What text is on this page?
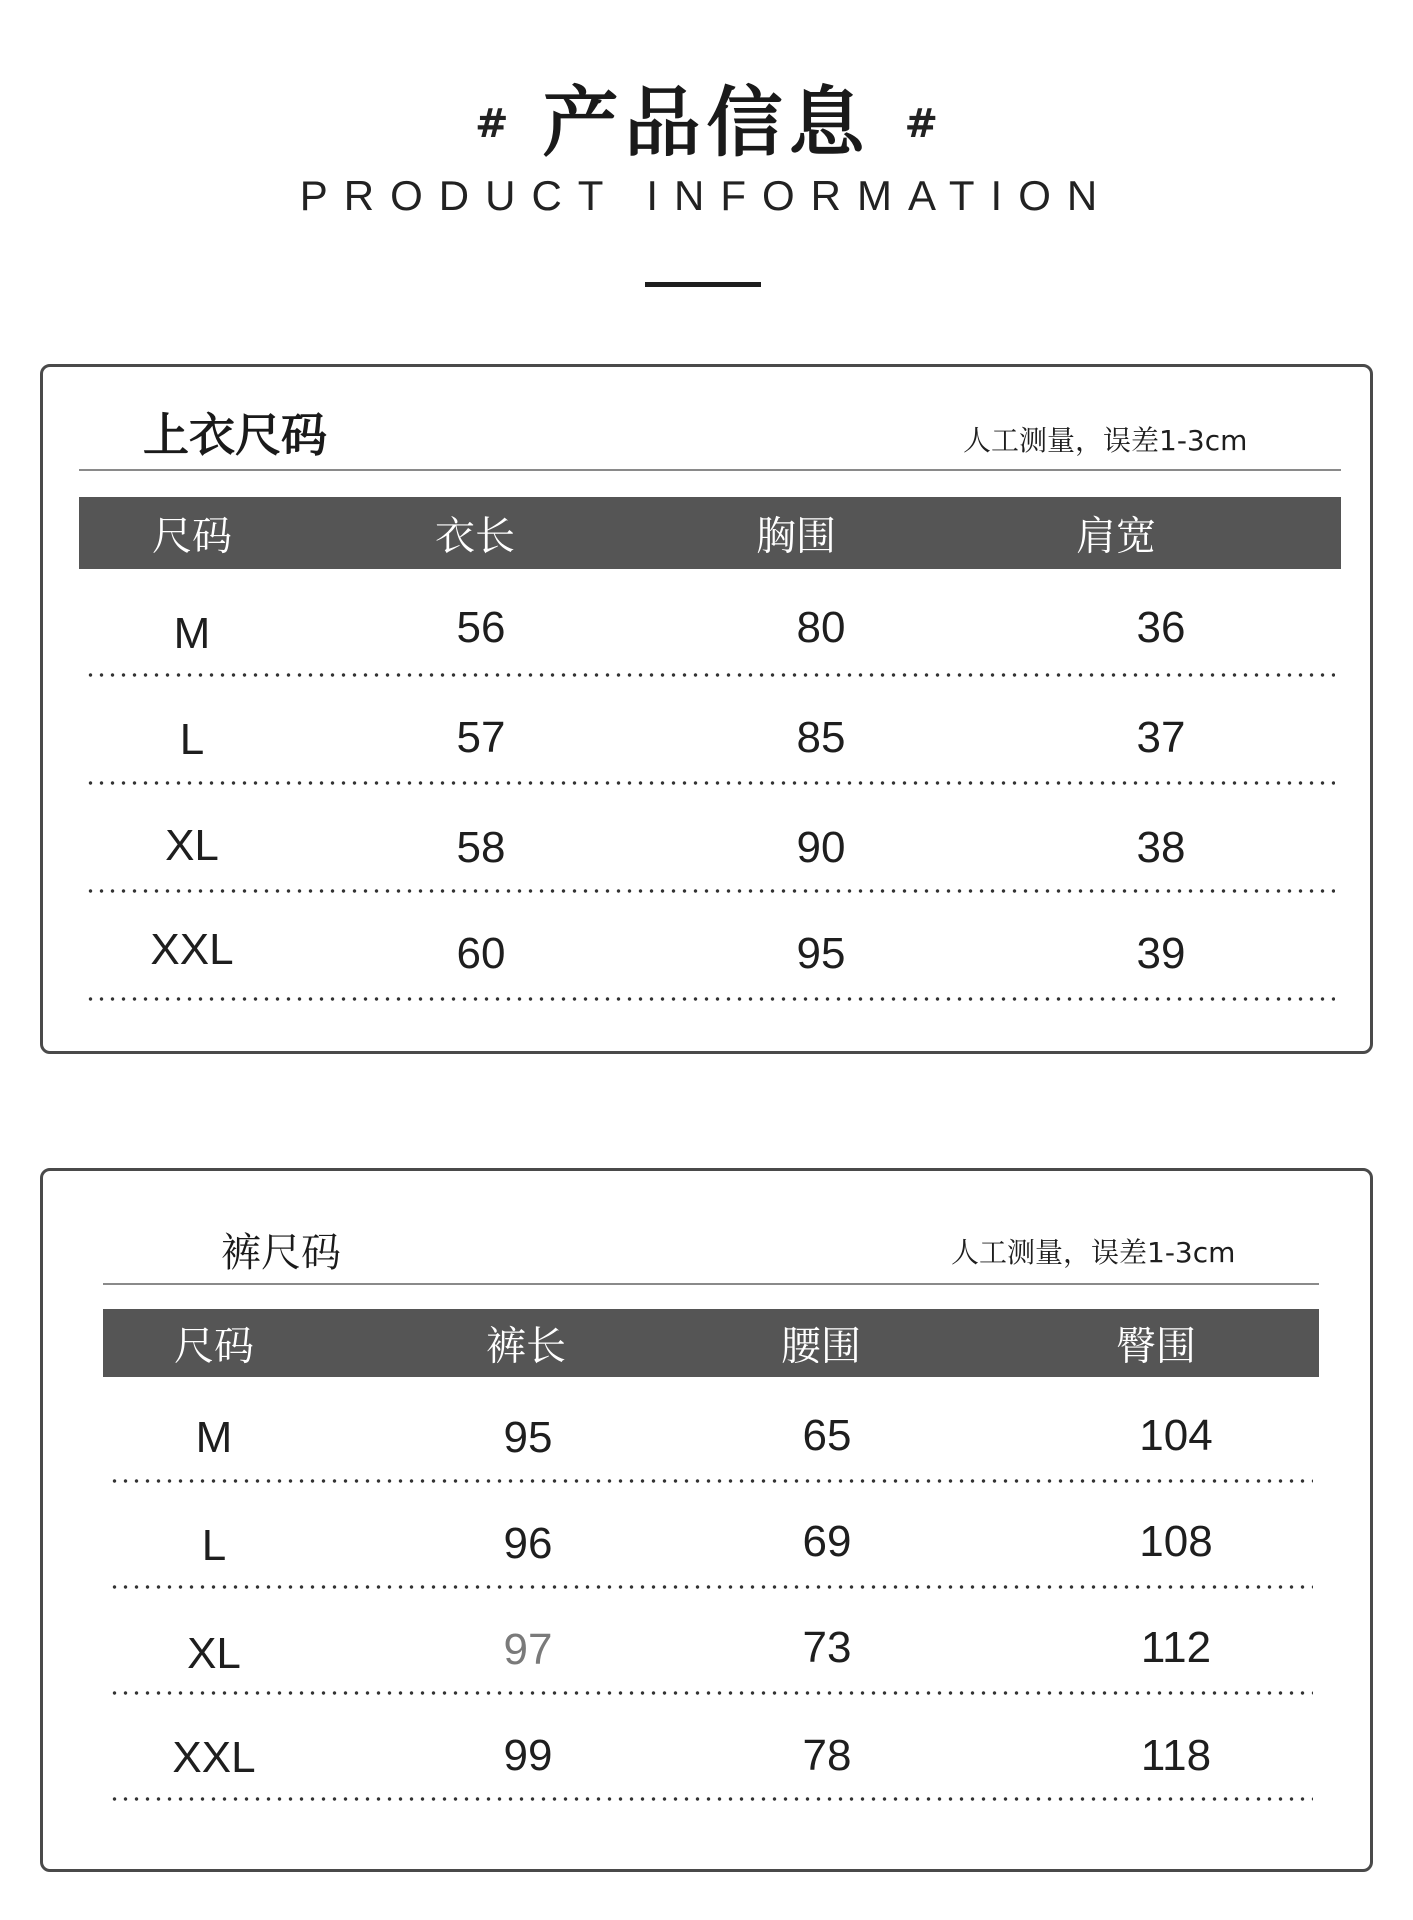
# 产品信息 #
PRODUCT INFORMATION
上衣尺码	人工测量，误差1-3cm
尺码	衣长	胸围	肩宽
M	56	80	36
L	57	85	37
XL	58	90	38
XXL	60	95	39
裤尺码	人工测量，误差1-3cm
尺码	裤长	腰围	臀围
M	95	65	104
L	96	69	108
XL	97	73	112
XXL	99	78	118
